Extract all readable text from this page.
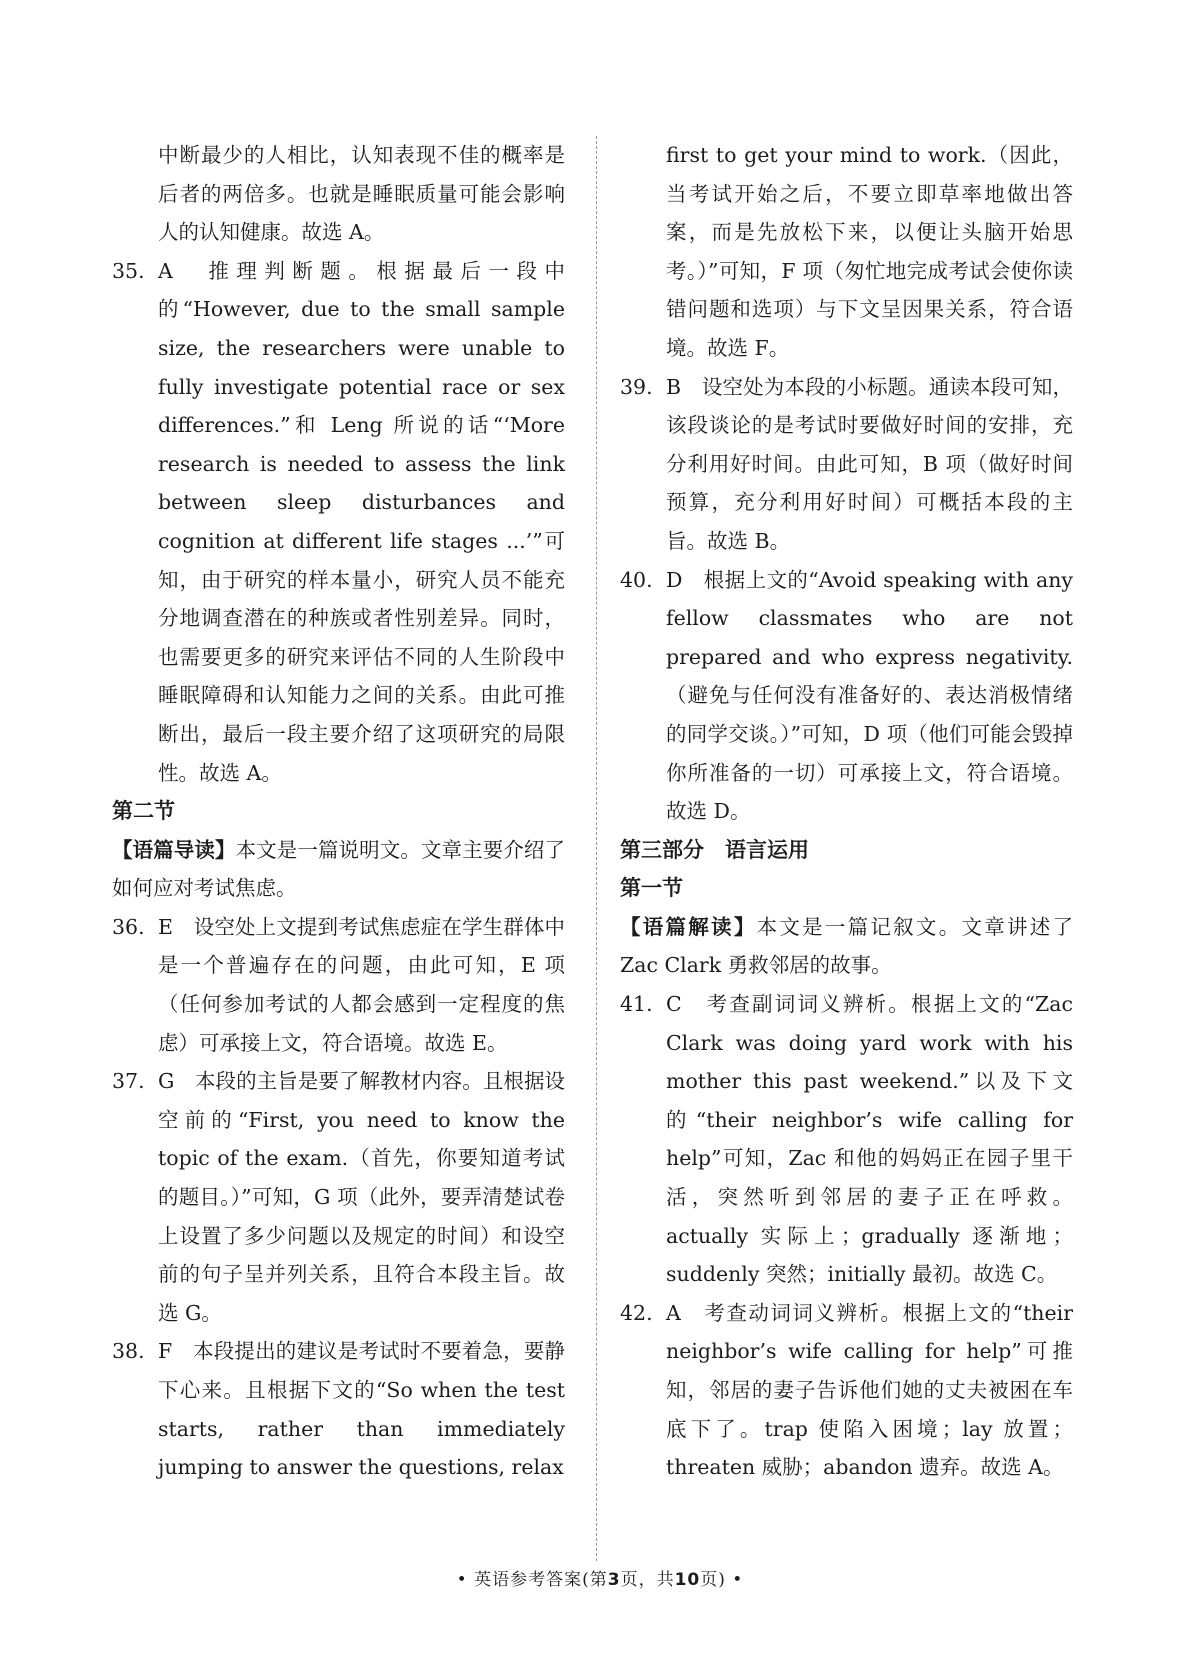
中断最少的人相比，认知表现不佳的概率是后者的两倍多。也就是睡眠质量可能会影响人的认知健康。故选 A。

35. A　推理判断题。根据最后一段中的“However, due to the small sample size, the researchers were unable to fully investigate potential race or sex differences.”和 Leng 所说的话“‘More research is needed to assess the link between sleep disturbances and cognition at different life stages ...’”可知，由于研究的样本量小，研究人员不能充分地调查潜在的种族或者性别差异。同时，也需要更多的研究来评估不同的人生阶段中睡眠障碍和认知能力之间的关系。由此可推断出，最后一段主要介绍了这项研究的局限性。故选 A。

第二节

【语篇导读】本文是一篇说明文。文章主要介绍了如何应对考试焦虑。

36. E　设空处上文提到考试焦虑症在学生群体中是一个普遍存在的问题，由此可知，E 项（任何参加考试的人都会感到一定程度的焦虑）可承接上文，符合语境。故选 E。
37. G　本段的主旨是要了解教材内容。且根据设空前的“First, you need to know the topic of the exam.（首先，你要知道考试的题目。）”可知，G 项（此外，要弄清楚试卷上设置了多少问题以及规定的时间）和设空前的句子呈并列关系，且符合本段主旨。故选 G。
38. F　本段提出的建议是考试时不要着急，要静下心来。且根据下文的“So when the test starts, rather than immediately jumping to answer the questions, relax

first to get your mind to work.（因此，当考试开始之后，不要立即草率地做出答案，而是先放松下来，以便让头脑开始思考。）”可知，F 项（匆忙地完成考试会使你读错问题和选项）与下文呈因果关系，符合语境。故选 F。

39. B　设空处为本段的小标题。通读本段可知，该段谈论的是考试时要做好时间的安排，充分利用好时间。由此可知，B 项（做好时间预算，充分利用好时间）可概括本段的主旨。故选 B。
40. D　根据上文的“Avoid speaking with any fellow classmates who are not prepared and who express negativity.（避免与任何没有准备好的、表达消极情绪的同学交谈。）”可知，D 项（他们可能会毁掉你所准备的一切）可承接上文，符合语境。故选 D。

第三部分　语言运用

第一节

【语篇解读】本文是一篇记叙文。文章讲述了 Zac Clark 勇救邻居的故事。

41. C　考查副词词义辨析。根据上文的“Zac Clark was doing yard work with his mother this past weekend.”以及下文的“their neighbor’s wife calling for help”可知，Zac 和他的妈妈正在园子里干活，突然听到邻居的妻子正在呼救。actually 实际上；gradually 逐渐地；suddenly 突然；initially 最初。故选 C。
42. A　考查动词词义辨析。根据上文的“their neighbor’s wife calling for help”可推知，邻居的妻子告诉他们她的丈夫被困在车底下了。trap 使陷入困境；lay 放置；threaten 威胁；abandon 遗弃。故选 A。
• 英语参考答案(第3页，共10页) •
